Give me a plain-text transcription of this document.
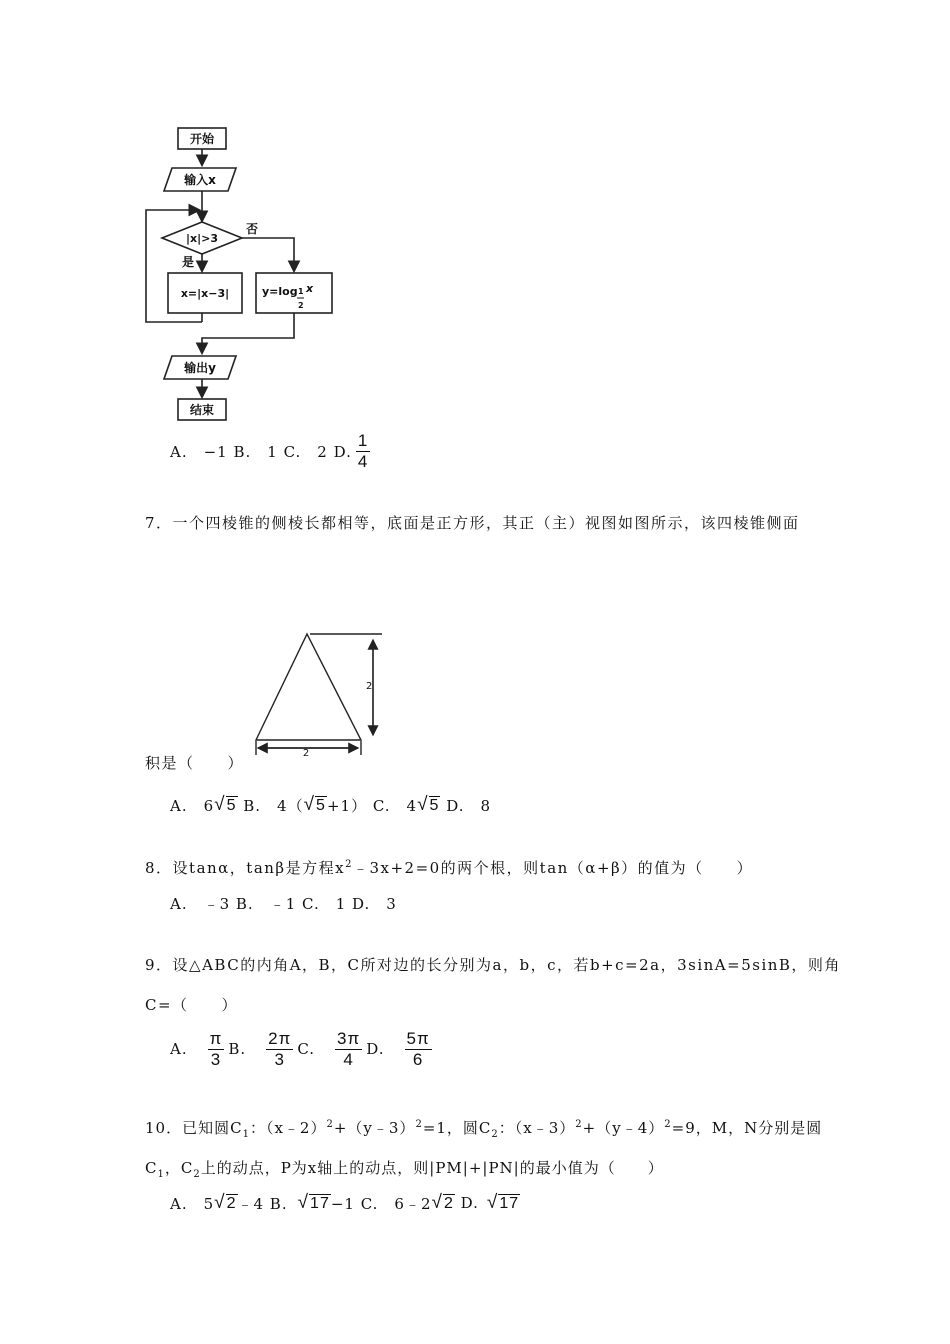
开始
输入x
|x|>3
否
是
x=|x−3|	y=log 1
2
x
输出y
结束
A.　−1 B.　1 C.　2 D. $\frac{1}{4}$
7．一个四棱锥的侧棱长都相等，底面是正方形，其正（主）视图如图所示，该四棱锥侧面
2
2
积是（　　）
A.　6 √5 B.　4（ √5 +1） C.　4 √5 D.　8
8．设tanα，tanβ是方程$x^2﹣3x+2=0$的两个根，则tan（α+β）的值为（　　）
A.　﹣3 B.　﹣1 C.　1 D.　3
9．设△ABC的内角A，B，C所对边的长分别为a，b，c，若b+c=2a，3sinA=5sinB，则角
C=（　　）
A. $\frac{\pi}{3} B$. $\frac{2\pi}{3} C$. $\frac{3\pi}{4} D$. $\frac{5\pi}{6}$
10．已知圆$C_1$：（x﹣2）$^2$+（y﹣3）$^2$=1，圆$C_2$：（x﹣3）$^2$+（y﹣4）$^2$=9，M，N分别是圆
$C_1$，$C_2$上的动点，P为x轴上的动点，则|PM|+|PN|的最小值为（　　）
A.　5 √2 ﹣4 B. √17 −1 C.　6﹣2 √2 D. √17
